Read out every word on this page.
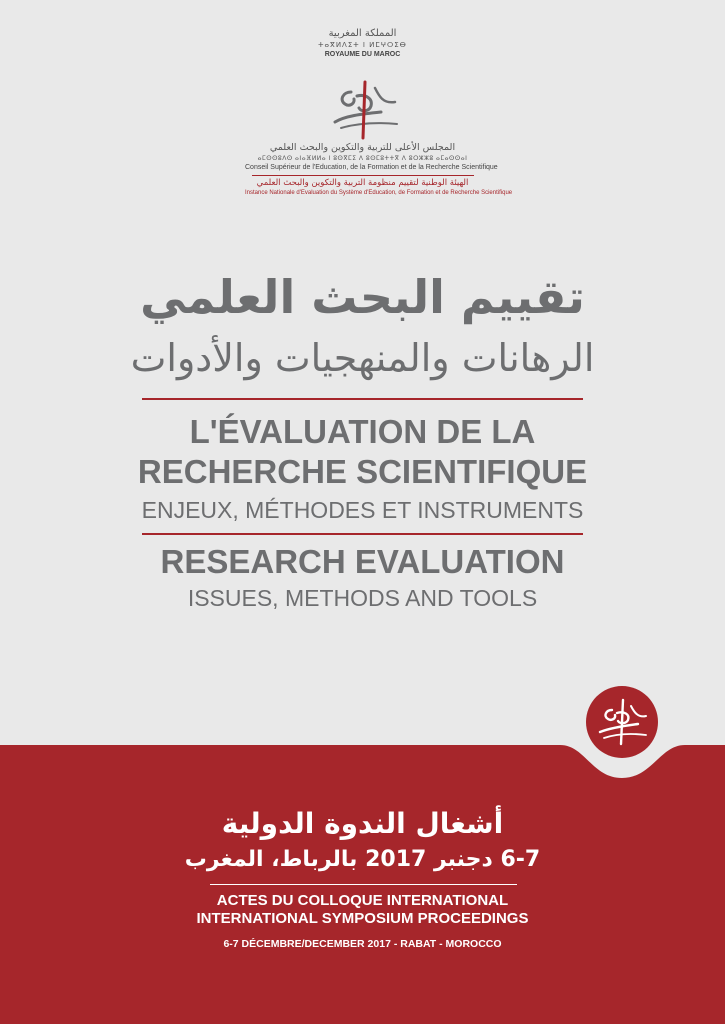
المملكة المغربية
ⵜⴰⴳⵍⴷⵉⵜ ⵏ ⵍⵎⵖⵔⵉⴱ
ROYAUME DU MAROC
المجلس الأعلى للتربية والتكوين والبحث العلمي
ⴰⵎⵙⵙⵓⴷⵙ ⴰⵏⴰⴼⵍⵍⴰ ⵏ ⵓⵙⴳⵎⵉ ⴷ ⵓⵙⵎⵓⵜⵜⴳ ⴷ ⵓⵔⵣⵣⵓ ⴰⵎⴰⵙⵙⴰⵏ
Conseil Supérieur de l'Education, de la Formation et de la Recherche Scientifique
الهيئة الوطنية لتقييم منظومة التربية والتكوين والبحث العلمي
Instance Nationale d'Evaluation du Système d'Education, de Formation et de Recherche Scientifique
تقييم البحث العلمي
الرهانات والمنهجيات والأدوات
L'ÉVALUATION DE LA
RECHERCHE SCIENTIFIQUE
ENJEUX, MÉTHODES ET INSTRUMENTS
RESEARCH EVALUATION
ISSUES, METHODS AND TOOLS
أشغال الندوة الدولية
6-7 دجنبر 2017 بالرباط، المغرب
ACTES DU COLLOQUE INTERNATIONAL
INTERNATIONAL SYMPOSIUM PROCEEDINGS
6-7 DÉCEMBRE/DECEMBER 2017 - RABAT - MOROCCO
